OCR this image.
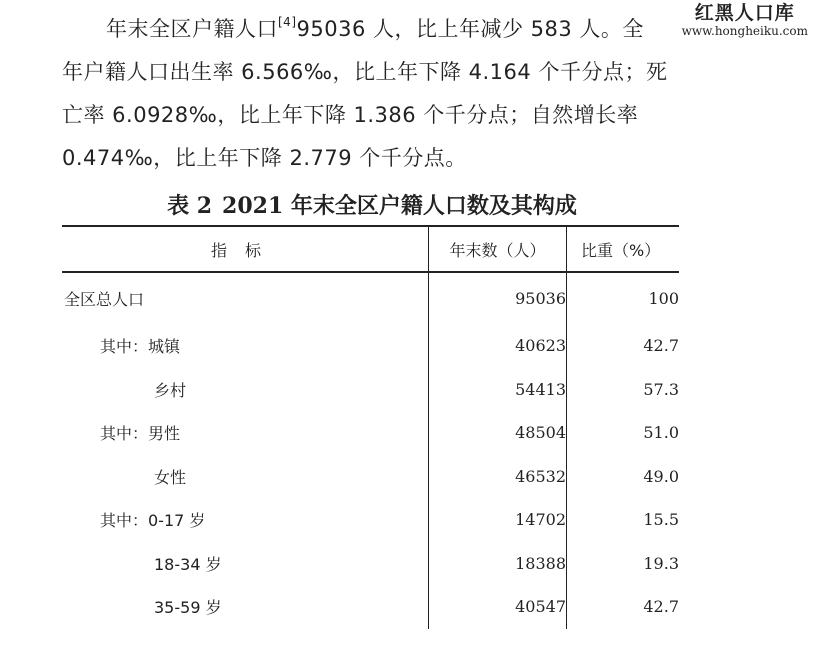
年末全区户籍人口[4]95036 人，比上年减少 583 人。全
年户籍人口出生率 6.566‰，比上年下降 4.164 个千分点；死
亡率 6.0928‰，比上年下降 1.386 个千分点；自然增长率
0.474‰，比上年下降 2.779 个千分点。
红黑人口库
www.hongheiku.com
表 2 2021 年末全区户籍人口数及其构成
指标	年末数（人）	比重（%）
全区总人口	95036	100
其中：城镇	40623	42.7
乡村	54413	57.3
其中：男性	48504	51.0
女性	46532	49.0
其中：0-17 岁	14702	15.5
18-34 岁	18388	19.3
35-59 岁	40547	42.7
